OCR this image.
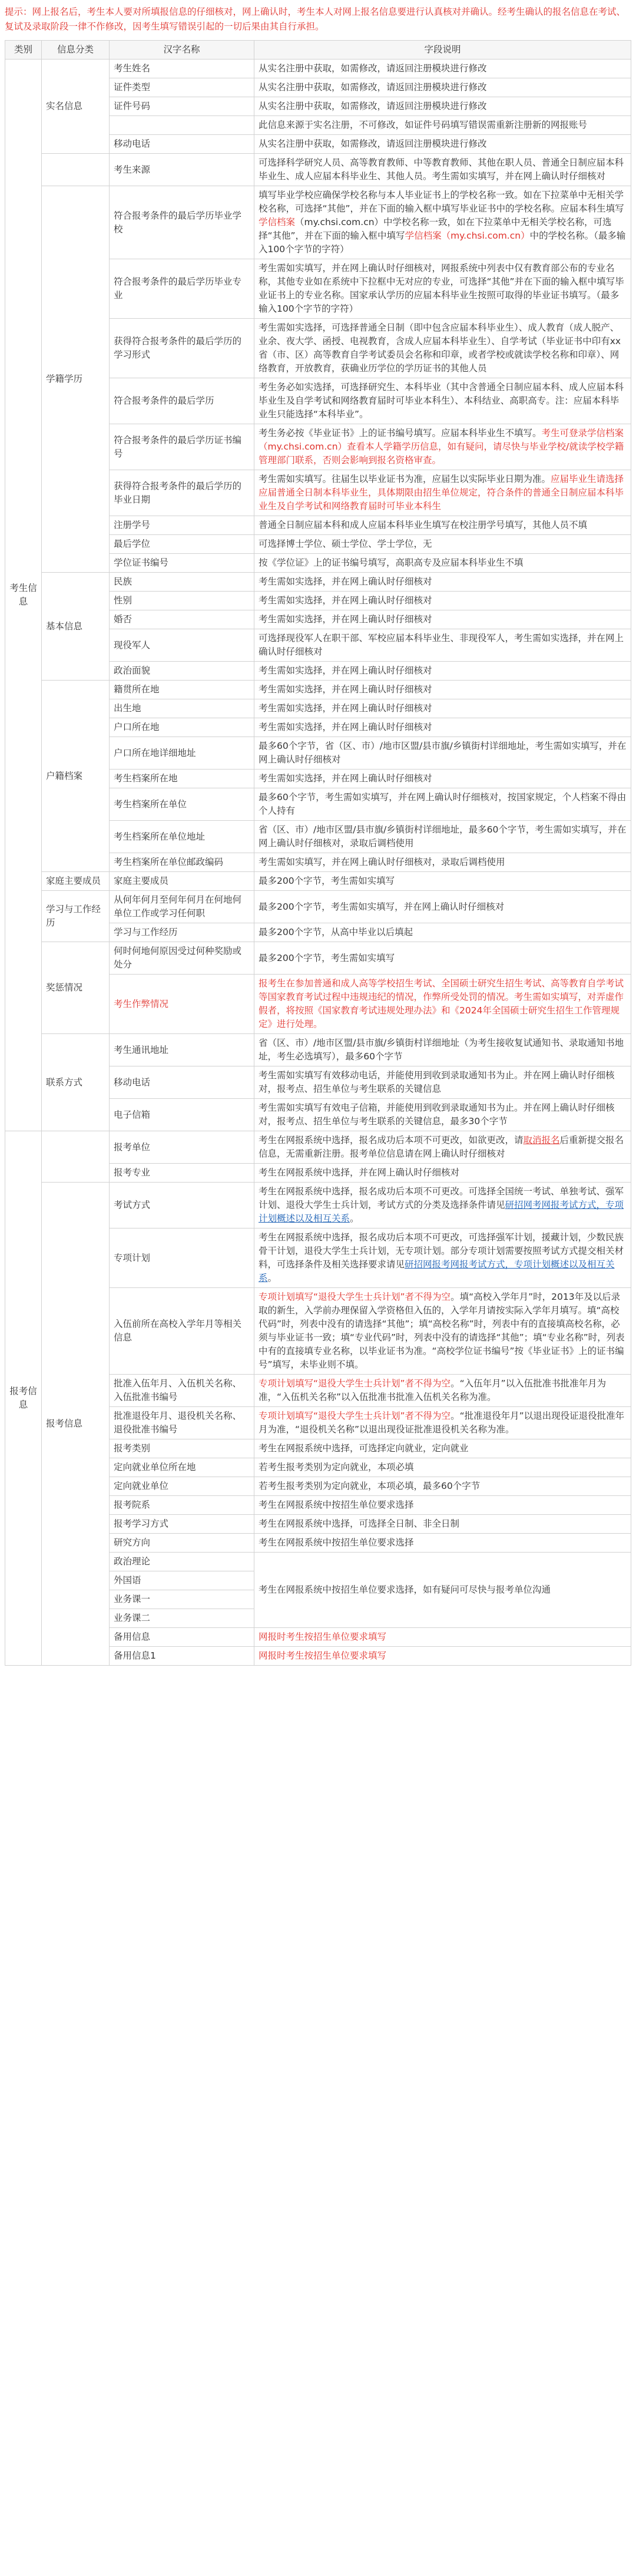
提示：网上报名后，考生本人要对所填报信息的仔细核对，网上确认时，考生本人对网上报名信息要进行认真核对并确认。经考生确认的报名信息在考试、复试及录取阶段一律不作修改，因考生填写错误引起的一切后果由其自行承担。
类别	信息分类	汉字名称	字段说明
考生信息	实名信息	考生姓名	从实名注册中获取，如需修改，请返回注册模块进行修改
		证件类型	从实名注册中获取，如需修改，请返回注册模块进行修改
		证件号码	从实名注册中获取，如需修改，请返回注册模块进行修改
			此信息来源于实名注册，不可修改，如证件号码填写错误需重新注册新的网报账号
		移动电话	从实名注册中获取，如需修改，请返回注册模块进行修改
		考生来源	可选择科学研究人员、高等教育教师、中等教育教师、其他在职人员、普通全日制应届本科毕业生、成人应届本科毕业生、其他人员。考生需如实填写，并在网上确认时仔细核对
	学籍学历	符合报考条件的最后学历毕业学校	填写毕业学校应确保学校名称与本人毕业证书上的学校名称一致。如在下拉菜单中无相关学校名称，可选择“其他”，并在下面的输入框中填写毕业证书中的学校名称。应届本科生填写学信档案（my.chsi.com.cn）中学校名称一致，如在下拉菜单中无相关学校名称，可选择“其他”，并在下面的输入框中填写学信档案（my.chsi.com.cn）中的学校名称。（最多输入100个字节的字符）
		符合报考条件的最后学历毕业专业	考生需如实填写，并在网上确认时仔细核对，网报系统中列表中仅有教育部公布的专业名称，其他专业如在系统中下拉框中无对应的专业，可选择“其他”并在下面的输入框中填写毕业证书上的专业名称。国家承认学历的应届本科毕业生按照可取得的毕业证书填写。（最多输入100个字节的字符）
		获得符合报考条件的最后学历的学习形式	考生需如实选择，可选择普通全日制（即中包含应届本科毕业生）、成人教育（成人脱产、业余、夜大学、函授、电视教育，含成人应届本科毕业生）、自学考试（毕业证书中印有xx省（市、区）高等教育自学考试委员会名称和印章，或者学校或就读学校名称和印章）、网络教育，开放教育，获确业历学位的学历证书的其他人员
		符合报考条件的最后学历	考生务必如实选择，可选择研究生、本科毕业（其中含普通全日制应届本科、成人应届本科毕业生及自学考试和网络教育届时可毕业本科生）、本科结业、高职高专。注：应届本科毕业生只能选择“本科毕业”。
		符合报考条件的最后学历证书编号	考生务必按《毕业证书》上的证书编号填写。应届本科毕业生不填写。考生可登录学信档案（my.chsi.com.cn）查看本人学籍学历信息，如有疑问，请尽快与毕业学校/就读学校学籍管理部门联系，否则会影响到报名资格审查。
		获得符合报考条件的最后学历的毕业日期	考生需如实填写。往届生以毕业证书为准，应届生以实际毕业日期为准。应届毕业生请选择应届普通全日制本科毕业生，具体期限由招生单位规定，符合条件的普通全日制应届本科毕业生及自学考试和网络教育届时可毕业本科生
		注册学号	普通全日制应届本科和成人应届本科毕业生填写在校注册学号填写，其他人员不填
		最后学位	可选择博士学位、硕士学位、学士学位，无
		学位证书编号	按《学位证》上的证书编号填写，高职高专及应届本科毕业生不填
	基本信息	民族	考生需如实选择，并在网上确认时仔细核对
		性别	考生需如实选择，并在网上确认时仔细核对
		婚否	考生需如实选择，并在网上确认时仔细核对
		现役军人	可选择现役军人在职干部、军校应届本科毕业生、非现役军人，考生需如实选择，并在网上确认时仔细核对
		政治面貌	考生需如实选择，并在网上确认时仔细核对
	户籍档案	籍贯所在地	考生需如实选择，并在网上确认时仔细核对
		出生地	考生需如实选择，并在网上确认时仔细核对
		户口所在地	考生需如实选择，并在网上确认时仔细核对
		户口所在地详细地址	最多60个字节，省（区、市）/地市区盟/县市旗/乡镇街村详细地址，考生需如实填写，并在网上确认时仔细核对
		考生档案所在地	考生需如实选择，并在网上确认时仔细核对
		考生档案所在单位	最多60个字节，考生需如实填写，并在网上确认时仔细核对，按国家规定，个人档案不得由个人持有
		考生档案所在单位地址	省（区、市）/地市区盟/县市旗/乡镇街村详细地址，最多60个字节，考生需如实填写，并在网上确认时仔细核对，录取后调档使用
		考生档案所在单位邮政编码	考生需如实填写，并在网上确认时仔细核对，录取后调档使用
	家庭主要成员	家庭主要成员	最多200个字节，考生需如实填写
	学习与工作经历	从何年何月至何年何月在何地何单位工作或学习任何职	最多200个字节，考生需如实填写，并在网上确认时仔细核对
		学习与工作经历	最多200个字节，从高中毕业以后填起
	奖惩情况	何时何地何原因受过何种奖励或处分	最多200个字节，考生需如实填写
		考生作弊情况	报考生在参加普通和成人高等学校招生考试、全国硕士研究生招生考试、高等教育自学考试等国家教育考试过程中违规违纪的情况，作弊所受处罚的情况。考生需如实填写，对弄虚作假者，将按照《国家教育考试违规处理办法》和《2024年全国硕士研究生招生工作管理规定》进行处理。
	联系方式	考生通讯地址	省（区、市）/地市区盟/县市旗/乡镇街村详细地址（为考生接收复试通知书、录取通知书地址，考生必选填写），最多60个字节
		移动电话	考生需如实填写有效移动电话，并能使用到收到录取通知书为止。并在网上确认时仔细核对，报考点、招生单位与考生联系的关键信息
		电子信箱	考生需如实填写有效电子信箱，并能使用到收到录取通知书为止。并在网上确认时仔细核对，报考点、招生单位与考生联系的关键信息，最多30个字节
报考信息		报考单位	考生在网报系统中选择，报名成功后本项不可更改，如欲更改，请取消报名后重新提交报名信息，无需重新注册。报考单位信息请在网上确认时仔细核对
		报考专业	考生在网报系统中选择，并在网上确认时仔细核对
	报考信息	考试方式	考生在网报系统中选择，报名成功后本项不可更改。可选择全国统一考试、单独考试、强军计划、退役大学生士兵计划，考试方式的分类及选择条件请见研招网考网报考试方式，专项计划概述以及相互关系。
		专项计划	考生在网报系统中选择，报名成功后本项不可更改，可选择强军计划，援藏计划，少数民族骨干计划，退役大学生士兵计划，无专项计划。部分专项计划需要按照考试方式提交相关材料，可选择条件及相关选择要求请见研招网报考网报考试方式，专项计划概述以及相互关系。
		入伍前所在高校入学年月等相关信息	专项计划填写“退役大学生士兵计划”者不得为空。填“高校入学年月”时，2013年及以后录取的新生，入学前办理保留入学资格但入伍的，入学年月请按实际入学年月填写。填“高校代码”时，列表中没有的请选择“其他”；填“高校名称”时，列表中有的直接填高校名称，必须与毕业证书一致；填“专业代码”时，列表中没有的请选择“其他”；填“专业名称”时，列表中有的直接填专业名称，以毕业证书为准。“高校学位证书编号”按《毕业证书》上的证书编号”填写，未毕业则不填。
		批准入伍年月、入伍机关名称、入伍批准书编号	专项计划填写“退役大学生士兵计划”者不得为空。“入伍年月”以入伍批准书批准年月为准，“入伍机关名称”以入伍批准书批准入伍机关名称为准。
		批准退役年月、退役机关名称、退役批准书编号	专项计划填写“退役大学生士兵计划”者不得为空。“批准退役年月”以退出现役证退役批准年月为准，“退役机关名称”以退出现役证批准退役机关名称为准。
		报考类别	考生在网报系统中选择，可选择定向就业，定向就业
		定向就业单位所在地	若考生报考类别为定向就业，本项必填
		定向就业单位	若考生报考类别为定向就业，本项必填，最多60个字节
		报考院系	考生在网报系统中按招生单位要求选择
		报考学习方式	考生在网报系统中选择，可选择全日制、非全日制
		研究方向	考生在网报系统中按招生单位要求选择
		政治理论	考生在网报系统中按招生单位要求选择，如有疑问可尽快与报考单位沟通
		外国语	
		业务课一	
		业务课二	
		备用信息	网报时考生按招生单位要求填写
		备用信息1	网报时考生按招生单位要求填写
